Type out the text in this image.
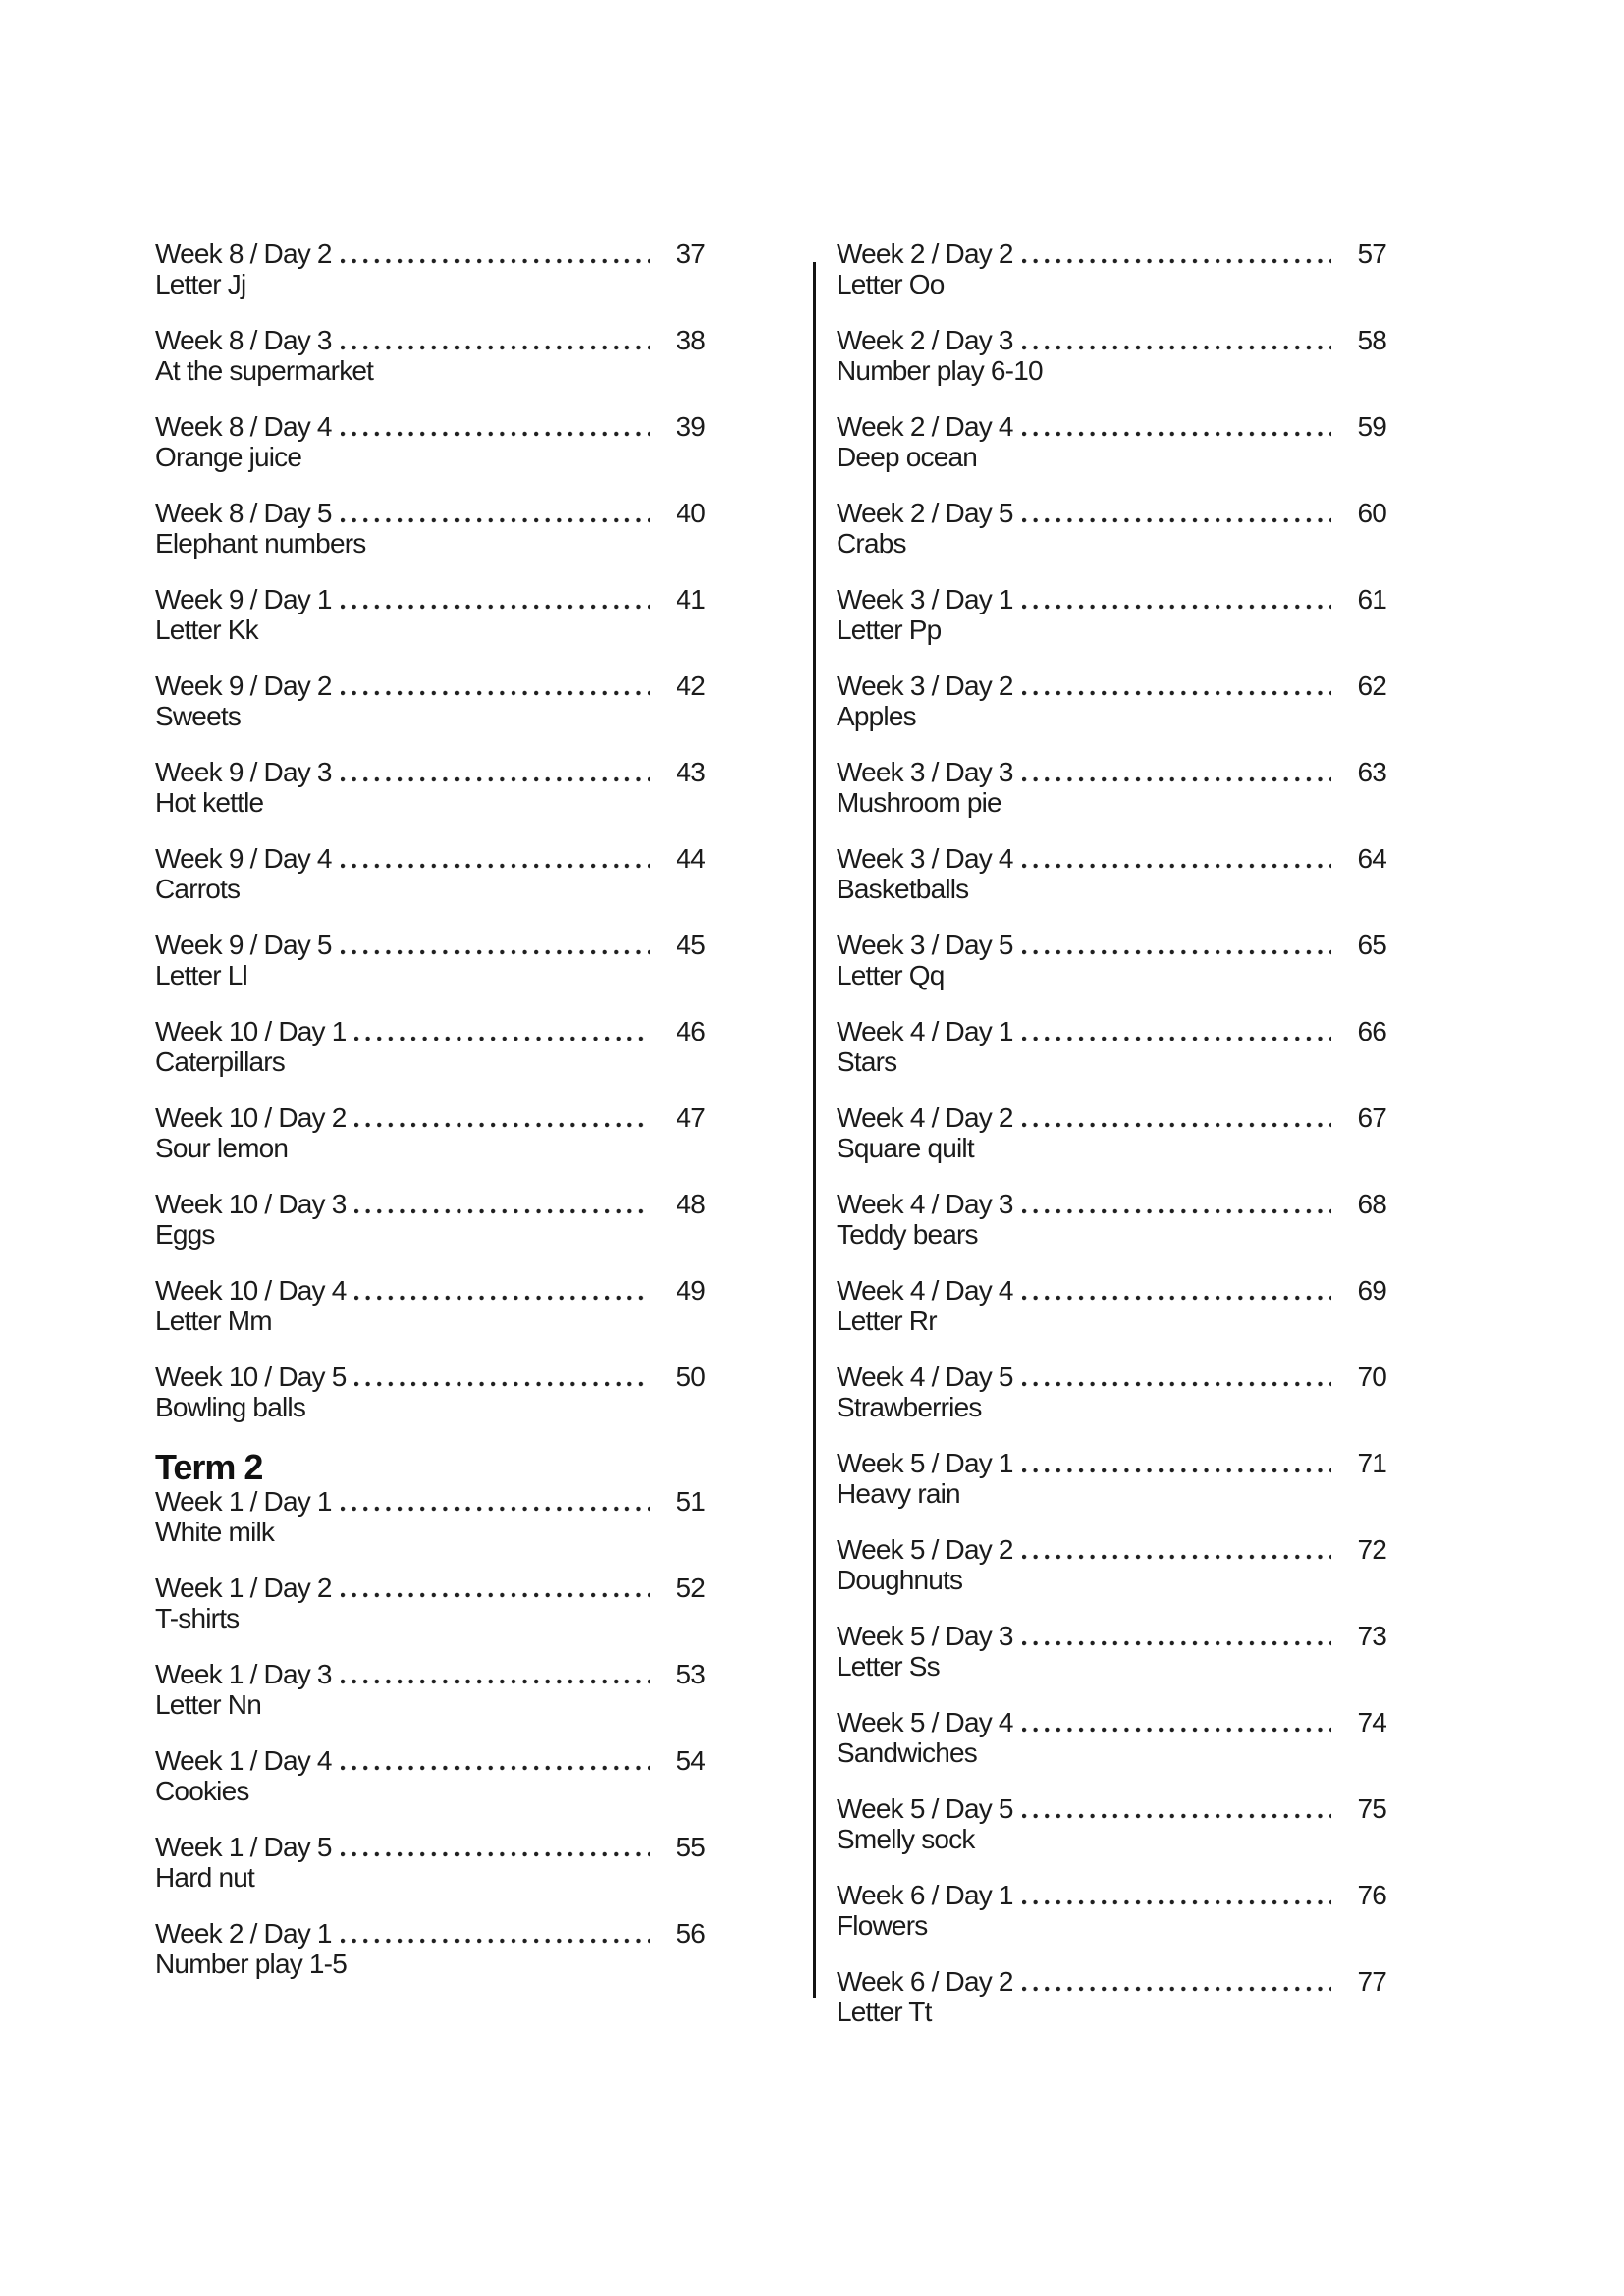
Week 8 / Day 2	37
Letter Jj
Week 8 / Day 3	38
At the supermarket
Week 8 / Day 4	39
Orange juice
Week 8 / Day 5	40
Elephant numbers
Week 9 / Day 1	41
Letter Kk
Week 9 / Day 2	42
Sweets
Week 9 / Day 3	43
Hot kettle
Week 9 / Day 4	44
Carrots
Week 9 / Day 5	45
Letter Ll
Week 10 / Day 1	46
Caterpillars
Week 10 / Day 2	47
Sour lemon
Week 10 / Day 3	48
Eggs
Week 10 / Day 4	49
Letter Mm
Week 10 / Day 5	50
Bowling balls
Term 2
Week 1 / Day 1	51
White milk
Week 1 / Day 2	52
T-shirts
Week 1 / Day 3	53
Letter Nn
Week 1 / Day 4	54
Cookies
Week 1 / Day 5	55
Hard nut
Week 2 / Day 1	56
Number play 1-5
Week 2 / Day 2	57
Letter Oo
Week 2 / Day 3	58
Number play 6-10
Week 2 / Day 4	59
Deep ocean
Week 2 / Day 5	60
Crabs
Week 3 / Day 1	61
Letter Pp
Week 3 / Day 2	62
Apples
Week 3 / Day 3	63
Mushroom pie
Week 3 / Day 4	64
Basketballs
Week 3 / Day 5	65
Letter Qq
Week 4 / Day 1	66
Stars
Week 4 / Day 2	67
Square quilt
Week 4 / Day 3	68
Teddy bears
Week 4 / Day 4	69
Letter Rr
Week 4 / Day 5	70
Strawberries
Week 5 / Day 1	71
Heavy rain
Week 5 / Day 2	72
Doughnuts
Week 5 / Day 3	73
Letter Ss
Week 5 / Day 4	74
Sandwiches
Week 5 / Day 5	75
Smelly sock
Week 6 / Day 1	76
Flowers
Week 6 / Day 2	77
Letter Tt
